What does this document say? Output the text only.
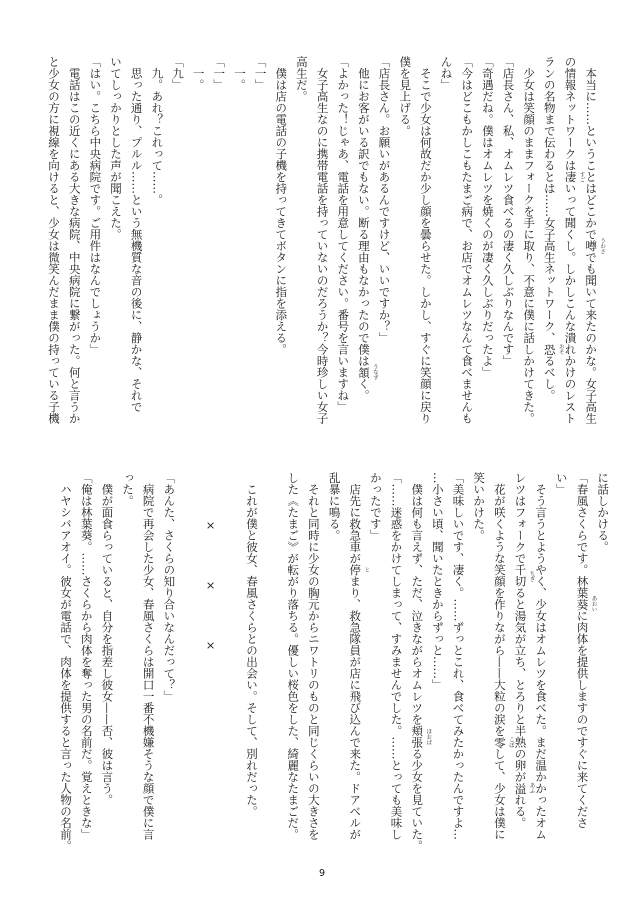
　本当に……ということはどこかで噂 うわさ
でも聞いて来たのかな。女子高生
の情報ネットワークは凄 すご
いって聞くし。しかしこんな潰れかけのレスト
ランの名物まで伝わるとは……女子高生ネットワーク、恐 おそ
るべし。
　少女は笑顔のままフォークを手に取り、不意に僕に話しかけてきた。
「店長さん、私、オムレツ食べるの凄く久しぶりなんです」
「奇遇だね。僕はオムレツを焼くのが凄く久しぶりだったよ」
「今はどこもかしこもたまご病で、お店でオムレツなんて食べませんも
んね」
　そこで少女は何故だか少し顔を曇らせた。しかし、すぐに笑顔に戻り
僕を見上げる。
「店長さん。お願いがあるんですけど、いいですか？」
　他にお客がいる訳でもない。断る理由もなかったので僕は頷 うなず
く。
「よかった！じゃあ、電話を用意してください。番号を言いますね」
　女子高生なのに携帯電話を持っていないのだろうか？今時珍しい女子
高生だ。
　僕は店の電話の子機を持ってきてボタンに指を添える。
「一」
　一。
「一」
　一。
「九」
　九。あれ？これって……。
　思った通り、プルル……という無機質な音の後に、静かな、それで
いてしっかりとした声が聞こえた。
「はい。こちら中央病院です。ご用件はなんでしょうか」
　電話はこの近くにある大きな病院、中央病院に繋がった。何と言うか
と少女の方に視線を向けると、少女は微笑んだまま僕の持っている子機
に話しかける。
「春風さくらです。林葉葵 あおい
に肉体を提供しますのですぐに来てくださ
い」
　そう言うとようやく、少女はオムレツを食べた。まだ温かかったオム
レツはフォークで千切 ちぎ
ると湯気が立ち、とろりと半熟の卵が溢 あふ
れる。
　花が咲くような笑顔を作りながら——大粒の涙を零 こぼ
して、少女は僕に
笑いかけた。
「美味しいです、凄く。……ずっとこれ、食べてみたかったんですよ…
…小さい頃、聞いたときからずっと……」
　僕は何も言えず、ただ、泣きながらオムレツを頬張 ほおば
る少女を見ていた。
「……迷惑をかけてしまって、すみませんでした。……とっても美味し
かったです」
　店先に救急車が停 と
まり、救急隊員が店に飛び込んで来た。ドアベルが
乱暴に鳴る。
　それと同時に少女の胸元からニワトリのものと同じくらいの大きさを
した《たまご》が転がり落ちる。優しい桜色をした、綺麗なたまごだ。
　これが僕と彼女、春風さくらとの出会い。そして、別れだった。
　　　　×　　　　×　　　　×
「あんた、さくらの知り合いなんだって？」
　病院で再会した少女、春風さくらは開口一番不機嫌そうな顔で僕に言
った。
　僕が面食らっていると、自分を指差し彼女——否、彼は言う。
「俺は林葉葵。……さくらから肉体を奪った男の名前だ。覚えときな」
　ハヤシバアオイ。彼女が電話で、肉体を提供すると言った人物の名前。
9
